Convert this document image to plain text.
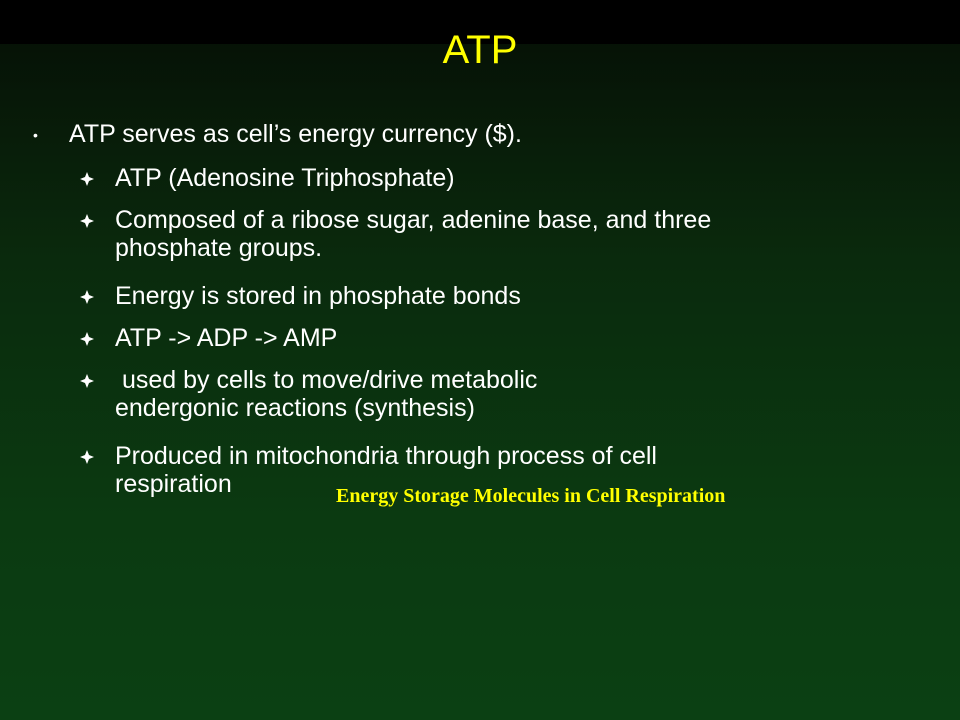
ATP
• ATP serves as cell’s energy currency ($).
ATP (Adenosine Triphosphate)
Composed of a ribose sugar, adenine base, and three phosphate groups.
Energy is stored in phosphate bonds
ATP -> ADP -> AMP
used by cells to move/drive metabolic endergonic reactions (synthesis)
Produced in mitochondria through process of cell respiration	Energy Storage Molecules in Cell Respiration
